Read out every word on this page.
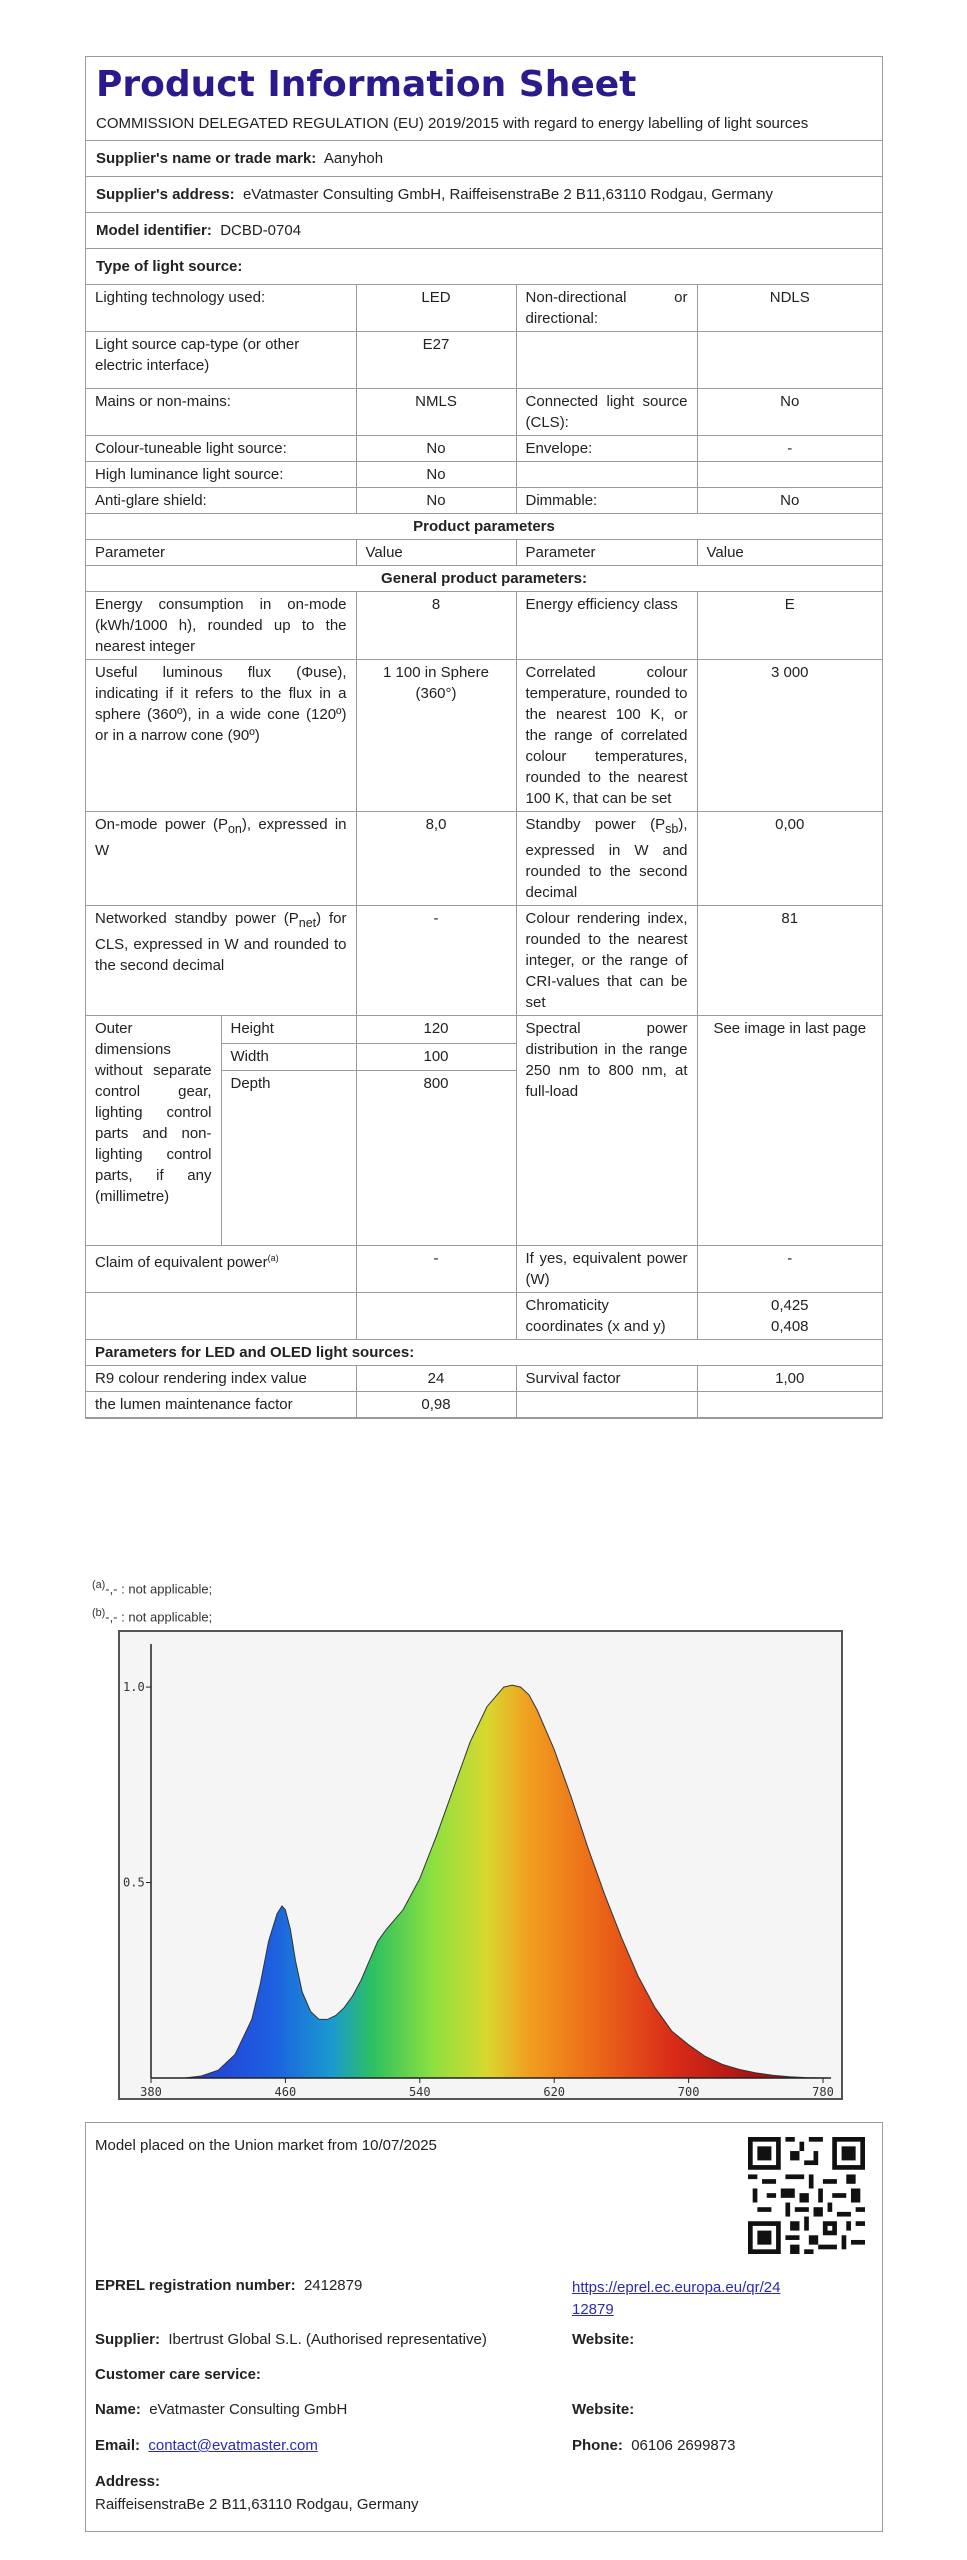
Product Information Sheet
COMMISSION DELEGATED REGULATION (EU) 2019/2015 with regard to energy labelling of light sources
Supplier's name or trade mark: Aanyhoh
Supplier's address: eVatmaster Consulting GmbH, RaiffeisenstraBe 2 B11,63110 Rodgau, Germany
Model identifier: DCBD-0704
Type of light source:
Lighting technology used:		LED	Non-directional or directional:	NDLS
Light source cap-type (or other electric interface)		E27		
Mains or non-mains:		NMLS	Connected light source (CLS):	No
Colour-tuneable light source:		No	Envelope:	-
High luminance light source:		No		
Anti-glare shield:		No	Dimmable:	No
Product parameters				
Parameter		Value	Parameter	Value
General product parameters:				
Energy consumption in on-mode (kWh/1000 h), rounded up to the nearest integer		8	Energy efficiency class	E
Useful luminous flux (Φuse), indicating if it refers to the flux in a sphere (360º), in a wide cone (120º) or in a narrow cone (90º)		1 100 in Sphere (360°)	Correlated colour temperature, rounded to the nearest 100 K, or the range of correlated colour temperatures, rounded to the nearest 100 K, that can be set	3 000
On-mode power $(P_{on})$, expressed in W		8,0	Standby power $(P_{sb})$, expressed in W and rounded to the second decimal	0,00
Networked standby power $(P_{net})$ for CLS, expressed in W and rounded to the second decimal		-	Colour rendering index, rounded to the nearest integer, or the range of CRI-values that can be set	81
Outer dimensions without separate control gear, lighting control parts and non-lighting control parts, if any (millimetre)	Height	120	Spectral power distribution in the range 250 nm to 800 nm, at full-load	See image in last page
	Width	100		
	Depth	800		
Claim of equivalent power$^{(a)}$		-	If yes, equivalent power (W)	-
			Chromaticity coordinates (x and y)	0,425
0,408
Parameters for LED and OLED light sources:				
R9 colour rendering index value		24	Survival factor	1,00
the lumen maintenance factor		0,98		
$^{(a)}$-,- : not applicable;
$^{(b)}$-,- : not applicable;
380	460	540	620	700	780
1.0
0.5
Model placed on the Union market from 10/07/2025
EPREL registration number: 2412879	https://eprel.ec.europa.eu/qr/24
12879
Supplier: Ibertrust Global S.L. (Authorised representative)	Website:
Customer care service:
Name: eVatmaster Consulting GmbH	Website:
Email: contact@evatmaster.com	Phone: 06106 2699873
Address:
RaiffeisenstraBe 2 B11,63110 Rodgau, Germany
